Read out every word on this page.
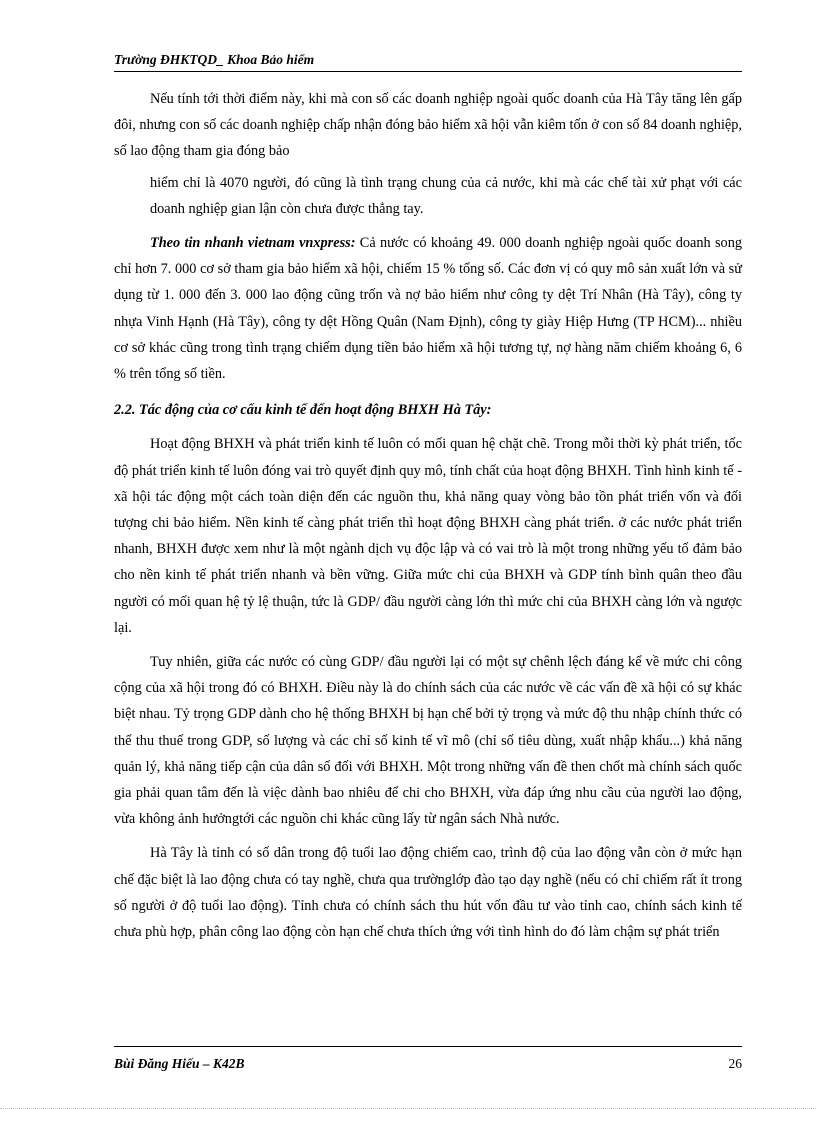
Trường ĐHKTQD_ Khoa Bảo hiểm

Nếu tính tới thời điểm này, khi mà con số các doanh nghiệp ngoài quốc doanh của Hà Tây tăng lên gấp đôi, nhưng con số các doanh nghiệp chấp nhận đóng bảo hiểm xã hội vẫn kiêm tốn ở con số 84 doanh nghiệp, số lao động tham gia đóng bảo

hiểm chỉ là 4070 người, đó cũng là tình trạng chung của cả nước, khi mà các chế tài xử phạt với các doanh nghiệp gian lận còn chưa được thẳng tay.

Theo tin nhanh vietnam vnxpress: Cả nước có khoảng 49. 000 doanh nghiệp ngoài quốc doanh song chỉ hơn 7. 000 cơ sở tham gia bảo hiểm xã hội, chiếm 15 % tổng số. Các đơn vị có quy mô sản xuất lớn và sử dụng từ 1. 000 đến 3. 000 lao động cũng trốn và nợ bảo hiểm như công ty dệt Trí Nhân (Hà Tây), công ty nhựa Vinh Hạnh (Hà Tây), công ty dệt Hồng Quân (Nam Định), công ty giày Hiệp Hưng (TP HCM)... nhiều cơ sở khác cũng trong tình trạng chiếm dụng tiền bảo hiểm xã hội tương tự, nợ hàng năm chiếm khoảng 6, 6 % trên tổng số tiền.

2.2. Tác động của cơ cấu kinh tế đến hoạt động BHXH Hà Tây:

Hoạt động BHXH và phát triển kinh tế luôn có mối quan hệ chặt chẽ. Trong mỗi thời kỳ phát triển, tốc độ phát triển kinh tế luôn đóng vai trò quyết định quy mô, tính chất của hoạt động BHXH. Tình hình kinh tế - xã hội tác động một cách toàn diện đến các nguồn thu, khả năng quay vòng bảo tồn phát triển vốn và đối tượng chi bảo hiểm. Nền kinh tế càng phát triển thì hoạt động BHXH càng phát triển. ở các nước phát triển nhanh, BHXH được xem như là một ngành dịch vụ độc lập và có vai trò là một trong những yếu tố đảm bảo cho nền kinh tế phát triển nhanh và bền vững. Giữa mức chi của BHXH và GDP tính bình quân theo đầu người có mối quan hệ tỷ lệ thuận, tức là GDP/ đầu người càng lớn thì mức chi của BHXH càng lớn và ngược lại.

Tuy nhiên, giữa các nước có cùng GDP/ đầu người lại có một sự chênh lệch đáng kể về mức chi công cộng của xã hội trong đó có BHXH. Điều này là do chính sách của các nước về các vấn đề xã hội có sự khác biệt nhau. Tỷ trọng GDP dành cho hệ thống BHXH bị hạn chế bởi tỷ trọng và mức độ thu nhập chính thức có thể thu thuế trong GDP, số lượng và các chỉ số kinh tế vĩ mô (chỉ số tiêu dùng, xuất nhập khẩu...) khả năng quản lý, khả năng tiếp cận của dân số đối với BHXH. Một trong những vấn đề then chốt mà chính sách quốc gia phải quan tâm đến là việc dành bao nhiêu để chi cho BHXH, vừa đáp ứng nhu cầu của người lao động, vừa không ảnh hưởngtới các nguồn chi khác cũng lấy từ ngân sách Nhà nước.

Hà Tây là tỉnh có số dân trong độ tuổi lao động chiếm cao, trình độ của lao động vẫn còn ở mức hạn chế đặc biệt là lao động chưa có tay nghề, chưa qua trườnglớp đào tạo dạy nghề (nếu có chỉ chiếm rất ít trong số người ở độ tuổi lao động). Tỉnh chưa có chính sách thu hút vốn đầu tư vào tỉnh cao, chính sách kinh tế chưa phù hợp, phân công lao động còn hạn chế chưa thích ứng với tình hình do đó làm chậm sự phát triển

Bùi Đăng Hiếu – K42B	26
